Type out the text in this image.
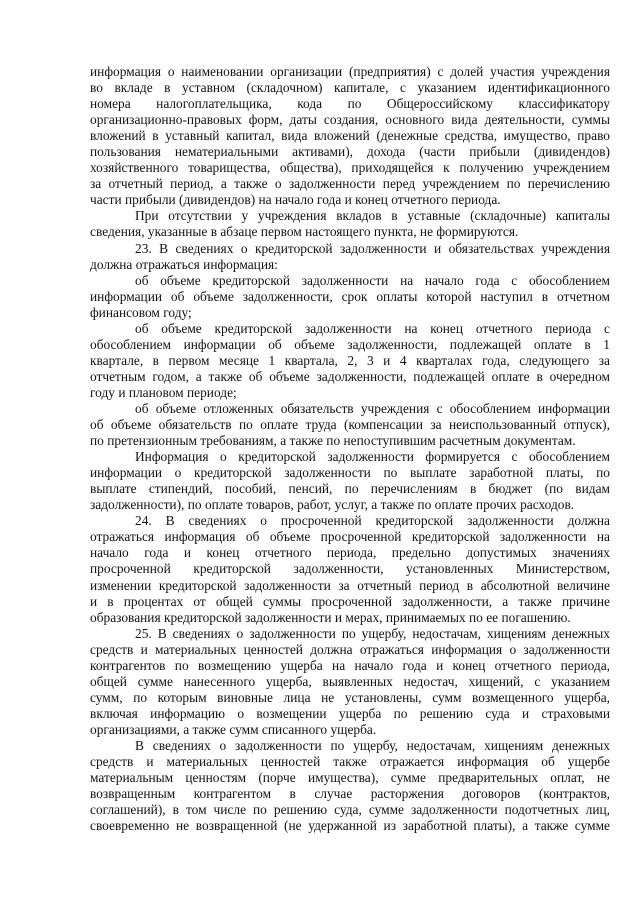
информация о наименовании организации (предприятия) с долей участия учреждения
во вкладе в уставном (складочном) капитале, с указанием идентификационного
номера налогоплательщика, кода по Общероссийскому классификатору
организационно-правовых форм, даты создания, основного вида деятельности, суммы
вложений в уставный капитал, вида вложений (денежные средства, имущество, право
пользования нематериальными активами), дохода (части прибыли (дивидендов)
хозяйственного товарищества, общества), приходящейся к получению учреждением
за отчетный период, а также о задолженности перед учреждением по перечислению
части прибыли (дивидендов) на начало года и конец отчетного периода.
При отсутствии у учреждения вкладов в уставные (складочные) капиталы
сведения, указанные в абзаце первом настоящего пункта, не формируются.
23. В сведениях о кредиторской задолженности и обязательствах учреждения
должна отражаться информация:
об объеме кредиторской задолженности на начало года с обособлением
информации об объеме задолженности, срок оплаты которой наступил в отчетном
финансовом году;
об объеме кредиторской задолженности на конец отчетного периода с
обособлением информации об объеме задолженности, подлежащей оплате в 1
квартале, в первом месяце 1 квартала, 2, 3 и 4 кварталах года, следующего за
отчетным годом, а также об объеме задолженности, подлежащей оплате в очередном
году и плановом периоде;
об объеме отложенных обязательств учреждения с обособлением информации
об объеме обязательств по оплате труда (компенсации за неиспользованный отпуск),
по претензионным требованиям, а также по непоступившим расчетным документам.
Информация о кредиторской задолженности формируется с обособлением
информации о кредиторской задолженности по выплате заработной платы, по
выплате стипендий, пособий, пенсий, по перечислениям в бюджет (по видам
задолженности), по оплате товаров, работ, услуг, а также по оплате прочих расходов.
24. В сведениях о просроченной кредиторской задолженности должна
отражаться информация об объеме просроченной кредиторской задолженности на
начало года и конец отчетного периода, предельно допустимых значениях
просроченной кредиторской задолженности, установленных Министерством,
изменении кредиторской задолженности за отчетный период в абсолютной величине
и в процентах от общей суммы просроченной задолженности, а также причине
образования кредиторской задолженности и мерах, принимаемых по ее погашению.
25. В сведениях о задолженности по ущербу, недостачам, хищениям денежных
средств и материальных ценностей должна отражаться информация о задолженности
контрагентов по возмещению ущерба на начало года и конец отчетного периода,
общей сумме нанесенного ущерба, выявленных недостач, хищений, с указанием
сумм, по которым виновные лица не установлены, сумм возмещенного ущерба,
включая информацию о возмещении ущерба по решению суда и страховыми
организациями, а также сумм списанного ущерба.
В сведениях о задолженности по ущербу, недостачам, хищениям денежных
средств и материальных ценностей также отражается информация об ущербе
материальным ценностям (порче имущества), сумме предварительных оплат, не
возвращенным контрагентом в случае расторжения договоров (контрактов,
соглашений), в том числе по решению суда, сумме задолженности подотчетных лиц,
своевременно не возвращенной (не удержанной из заработной платы), а также сумме
